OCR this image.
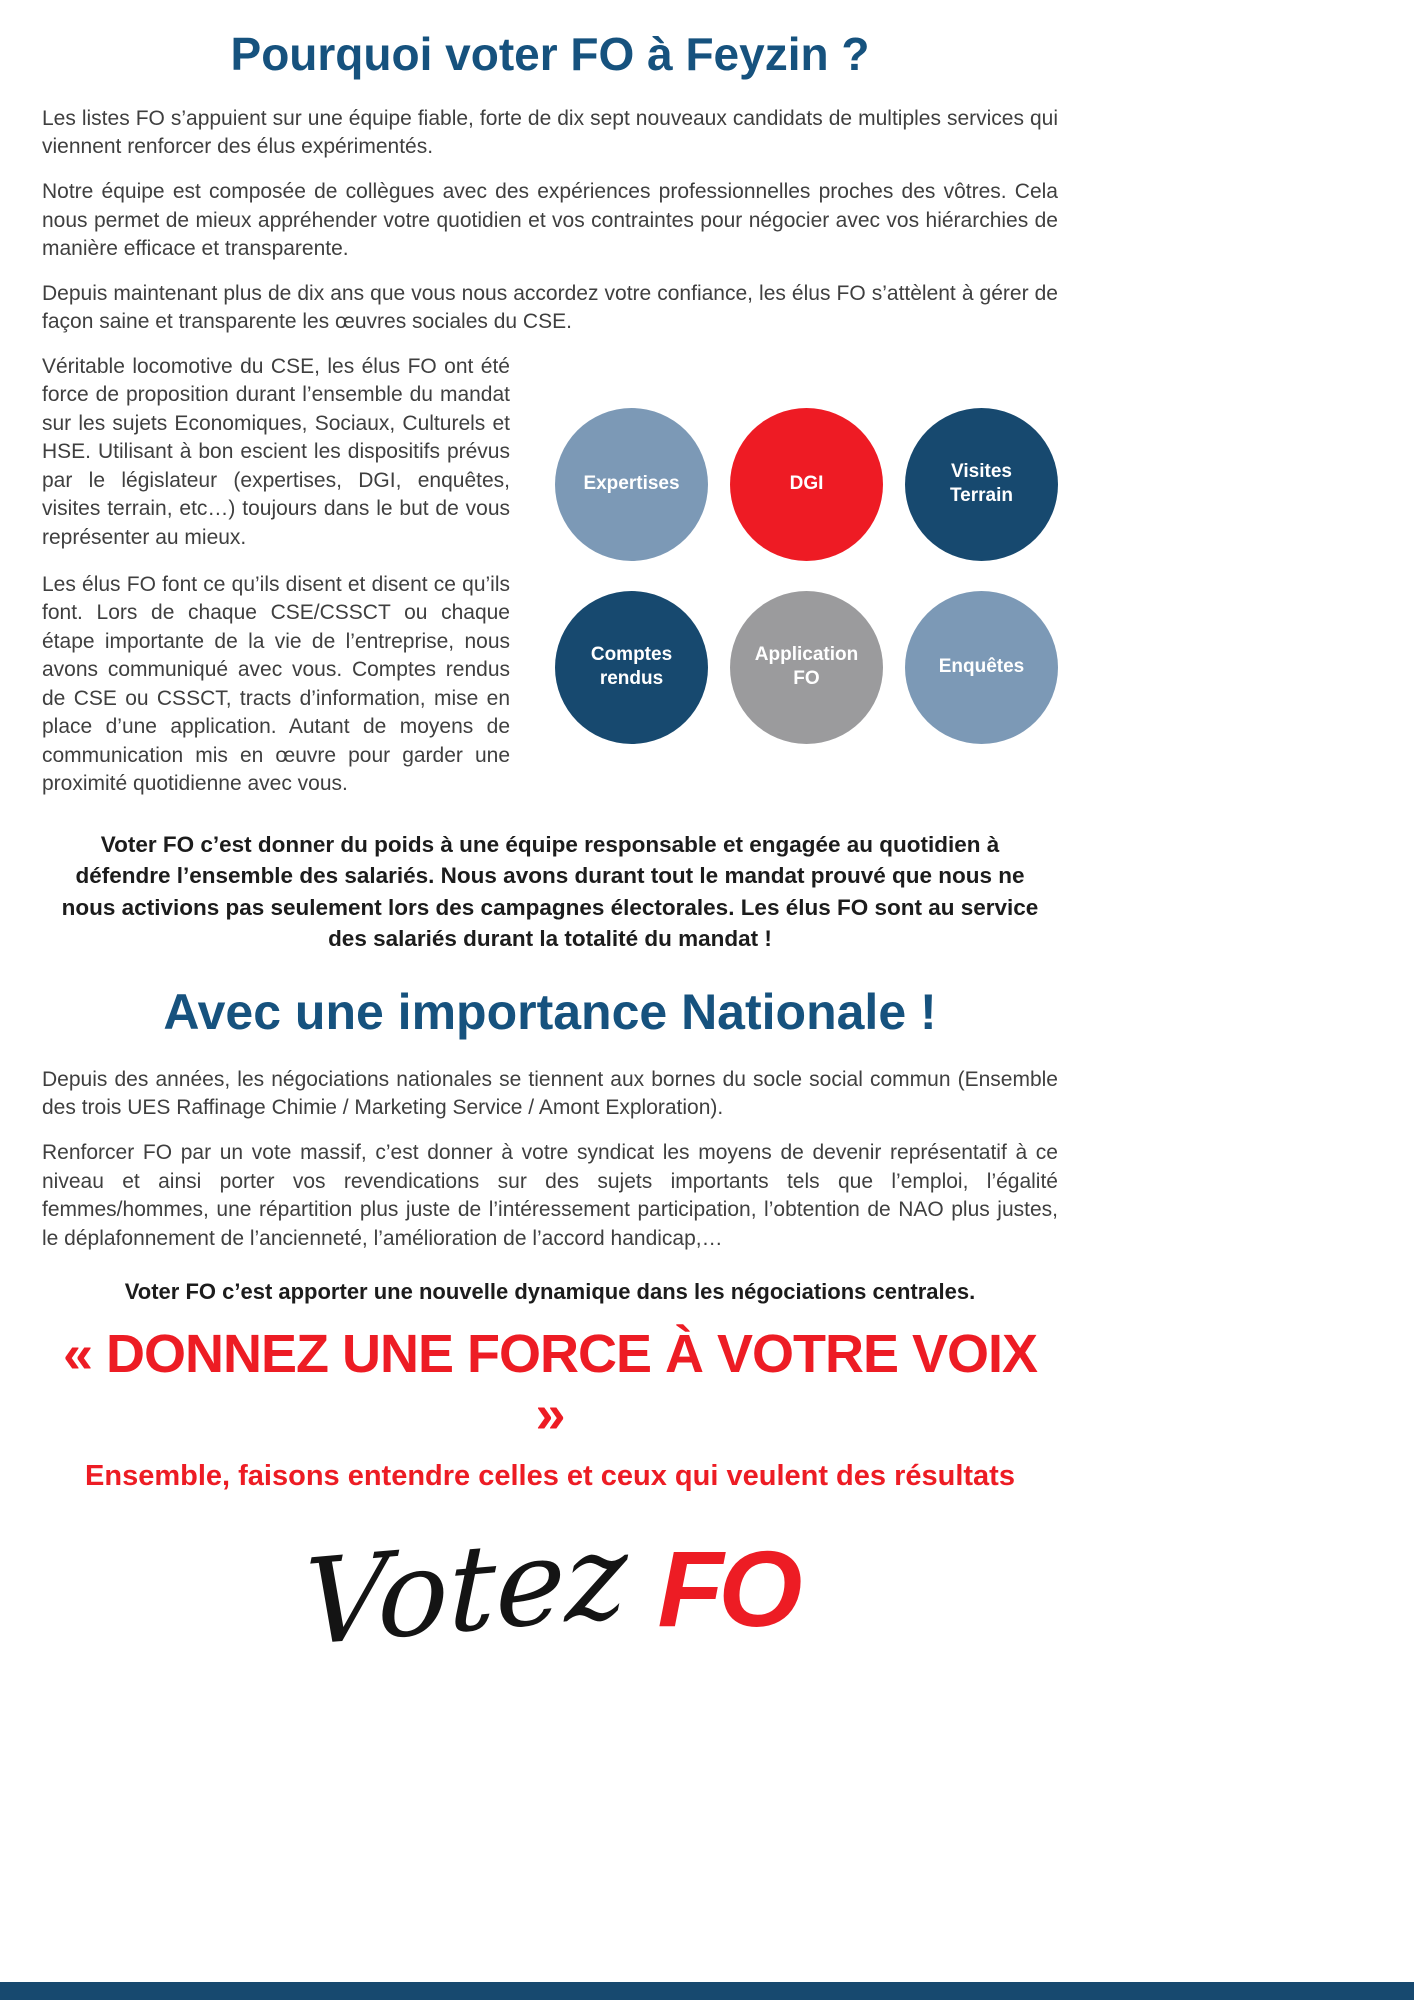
Pourquoi voter FO à Feyzin ?

Les listes FO s’appuient sur une équipe fiable, forte de dix sept nouveaux candidats de multiples services qui viennent renforcer des élus expérimentés.

Notre équipe est composée de collègues avec des expériences professionnelles proches des vôtres. Cela nous permet de mieux appréhender votre quotidien et vos contraintes pour négocier avec vos hiérarchies de manière efficace et transparente.

Depuis maintenant plus de dix ans que vous nous accordez votre confiance, les élus FO s’attèlent à gérer de façon saine et transparente les œuvres sociales du CSE.

Véritable locomotive du CSE, les élus FO ont été force de proposition durant l’ensemble du mandat sur les sujets Economiques, Sociaux, Culturels et HSE. Utilisant à bon escient les dispositifs prévus par le législateur (expertises, DGI, enquêtes, visites terrain, etc…) toujours dans le but de vous représenter au mieux.

Les élus FO font ce qu’ils disent et disent ce qu’ils font. Lors de chaque CSE/CSSCT ou chaque étape importante de la vie de l’entreprise, nous avons communiqué avec vous. Comptes rendus de CSE ou CSSCT, tracts d’information, mise en place d’une application. Autant de moyens de communication mis en œuvre pour garder une proximité quotidienne avec vous.

Expertises	DGI
Visites Terrain
Comptes rendus
Application FO
Enquêtes

Voter FO c’est donner du poids à une équipe responsable et engagée au quotidien à défendre l’ensemble des salariés. Nous avons durant tout le mandat prouvé que nous ne nous activions pas seulement lors des campagnes électorales. Les élus FO sont au service des salariés durant la totalité du mandat !

Avec une importance Nationale !

Depuis des années, les négociations nationales se tiennent aux bornes du socle social commun (Ensemble des trois UES Raffinage Chimie / Marketing Service / Amont Exploration).

Renforcer FO par un vote massif, c’est donner à votre syndicat les moyens de devenir représentatif à ce niveau et ainsi porter vos revendications sur des sujets importants tels que l’emploi, l’égalité femmes/hommes, une répartition plus juste de l’intéressement participation, l’obtention de NAO plus justes, le déplafonnement de l’ancienneté, l’amélioration de l’accord handicap,…

Voter FO c’est apporter une nouvelle dynamique dans les négociations centrales.

« DONNEZ UNE FORCE À VOTRE VOIX »

Ensemble, faisons entendre celles et ceux qui veulent des résultats

Votez FO
